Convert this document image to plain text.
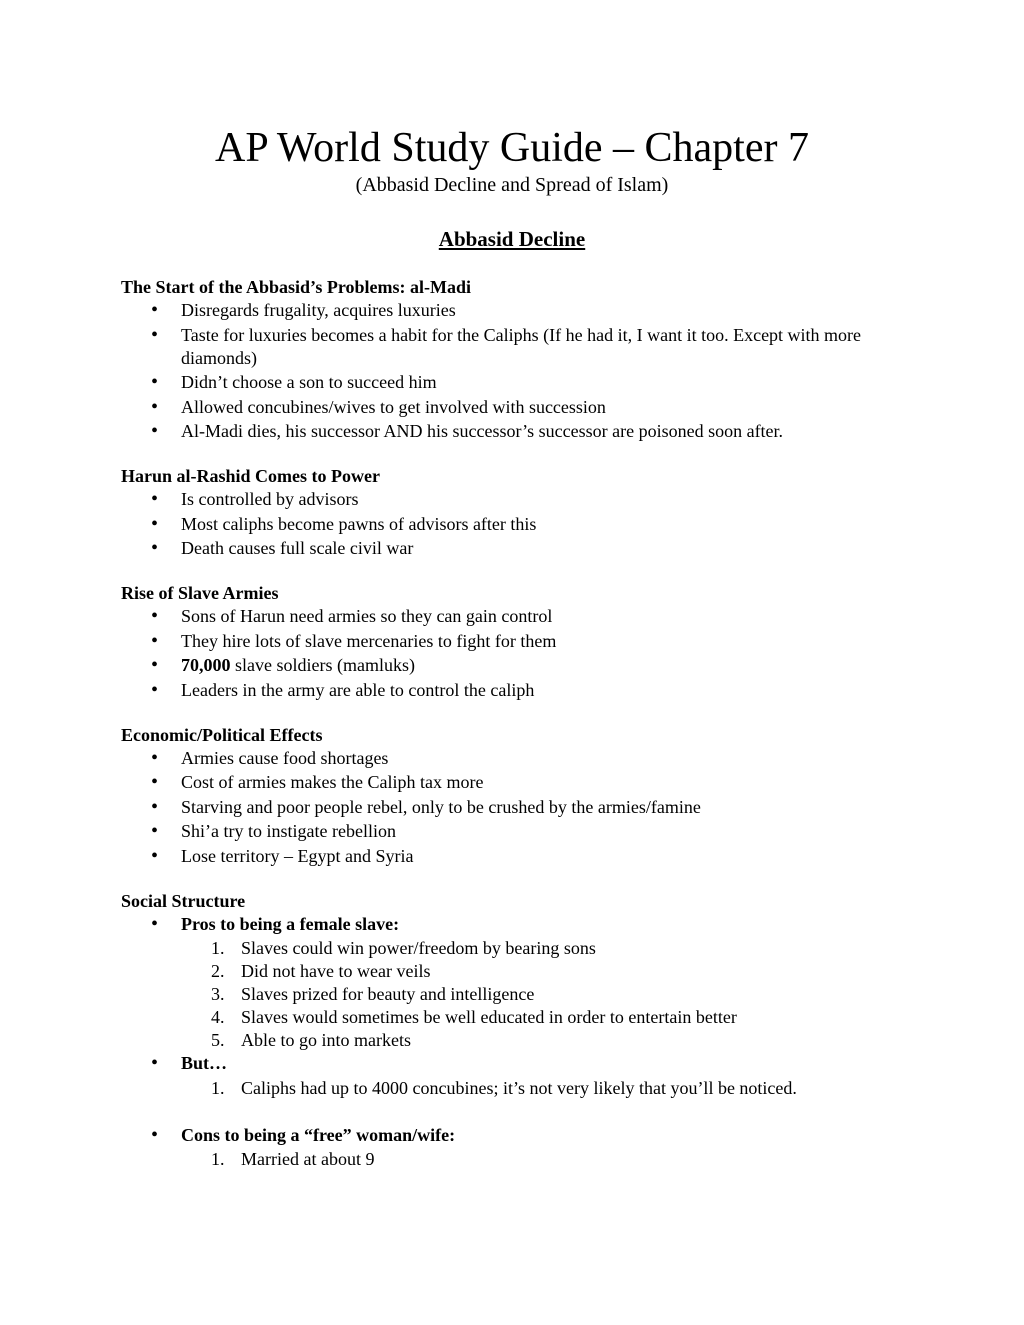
AP World Study Guide – Chapter 7
(Abbasid Decline and Spread of Islam)
Abbasid Decline
The Start of the Abbasid’s Problems: al-Madi
• Disregards frugality, acquires luxuries
• Taste for luxuries becomes a habit for the Caliphs (If he had it, I want it too. Except with more diamonds)
• Didn’t choose a son to succeed him
• Allowed concubines/wives to get involved with succession
• Al-Madi dies, his successor AND his successor’s successor are poisoned soon after.
Harun al-Rashid Comes to Power
• Is controlled by advisors
• Most caliphs become pawns of advisors after this
• Death causes full scale civil war
Rise of Slave Armies
• Sons of Harun need armies so they can gain control
• They hire lots of slave mercenaries to fight for them
• 70,000 slave soldiers (mamluks)
• Leaders in the army are able to control the caliph
Economic/Political Effects
• Armies cause food shortages
• Cost of armies makes the Caliph tax more
• Starving and poor people rebel, only to be crushed by the armies/famine
• Shi’a try to instigate rebellion
• Lose territory – Egypt and Syria
Social Structure
• Pros to being a female slave:
1. Slaves could win power/freedom by bearing sons
2. Did not have to wear veils
3. Slaves prized for beauty and intelligence
4. Slaves would sometimes be well educated in order to entertain better
5. Able to go into markets
• But…
1. Caliphs had up to 4000 concubines; it’s not very likely that you’ll be noticed.
• Cons to being a “free” woman/wife:
1. Married at about 9
